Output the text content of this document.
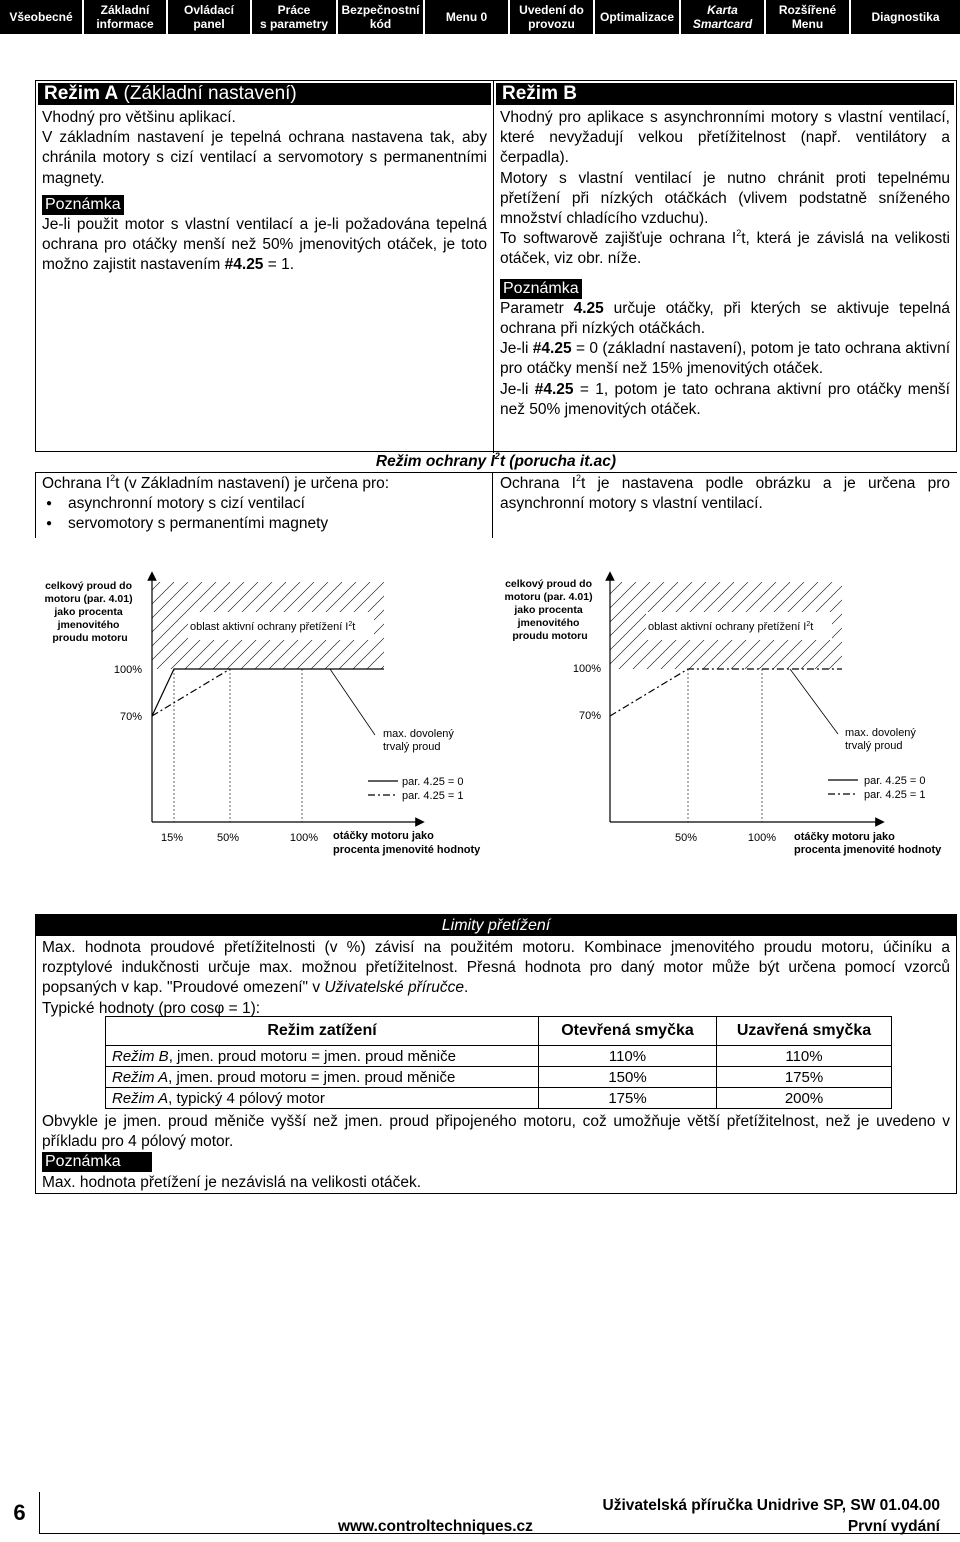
Všeobecné	Základní
informace
Ovládací
panel
Práce
s parametry
Bezpečnostní
kód	Menu 0	Uvedení do
provozu	Optimalizace	Karta
Smartcard
Rozšířené
Menu	Diagnostika
Režim A (Základní nastavení)
Vhodný pro většinu aplikací.
V základním nastavení je tepelná ochrana nastavena tak, aby chránila motory s cizí ventilací a servomotory s permanentními magnety.
Poznámka
Je-li použit motor s vlastní ventilací a je-li požadována tepelná ochrana pro otáčky menší než 50% jmenovitých otáček, je toto možno zajistit nastavením #4.25 = 1.
Režim B
Vhodný pro aplikace s asynchronními motory s vlastní ventilací, které nevyžadují velkou přetížitelnost (např. ventilátory a čerpadla).
Motory s vlastní ventilací je nutno chránit proti tepelnému přetížení při nízkých otáčkách (vlivem podstatně sníženého množství chladícího vzduchu).
To softwarově zajišťuje ochrana $I^2t$, která je závislá na velikosti otáček, viz obr. níže.
Poznámka
Parametr 4.25 určuje otáčky, při kterých se aktivuje tepelná ochrana při nízkých otáčkách.
Je-li #4.25 = 0 (základní nastavení), potom je tato ochrana aktivní pro otáčky menší než 15% jmenovitých otáček.
Je-li #4.25 = 1, potom je tato ochrana aktivní pro otáčky menší než 50% jmenovitých otáček.
Režim ochrany $I^2t$ (porucha it.ac)
Ochrana $I^2t$ (v Základním nastavení) je určena pro:
● asynchronní motory s cizí ventilací
● servomotory s permanentími magnety
Ochrana $I^2t$ je nastavena podle obrázku a je určena pro asynchronní motory s vlastní ventilací.
oblast aktivní ochrany přetížení $I^2t$
celkový proud do motoru (par. 4.01) jako procenta jmenovitého proudu motoru
100%
70%
max. dovolený trvalý proud
par. 4.25 = 0
par. 4.25 = 1
15%	50%	100% otáčky motoru jako procenta jmenovité hodnoty
oblast aktivní ochrany přetížení $I^2t$
celkový proud do motoru (par. 4.01) jako procenta jmenovitého proudu motoru
100%
70%
max. dovolený trvalý proud
par. 4.25 = 0
par. 4.25 = 1
50%	100% otáčky motoru jako procenta jmenovité hodnoty
Limity přetížení
Max. hodnota proudové přetížitelnosti (v %) závisí na použitém motoru. Kombinace jmenovitého proudu motoru, účiníku a rozptylové indukčnosti určuje max. možnou přetížitelnost. Přesná hodnota pro daný motor může být určena pomocí vzorců popsaných v kap. "Proudové omezení" v Uživatelské příručce.
Typické hodnoty (pro cosφ = 1):
Režim zatížení	Otevřená smyčka	Uzavřená smyčka
Režim B, jmen. proud motoru = jmen. proud měniče	110%	110%
Režim A, jmen. proud motoru = jmen. proud měniče	150%	175%
Režim A, typický 4 pólový motor	175%	200%
Obvykle je jmen. proud měniče vyšší než jmen. proud připojeného motoru, což umožňuje větší přetížitelnost, než je uvedeno v příkladu pro 4 pólový motor.
Poznámka
Max. hodnota přetížení je nezávislá na velikosti otáček.
6	Uživatelská příručka Unidrive SP, SW 01.04.00
www.controltechniques.cz	První vydání
